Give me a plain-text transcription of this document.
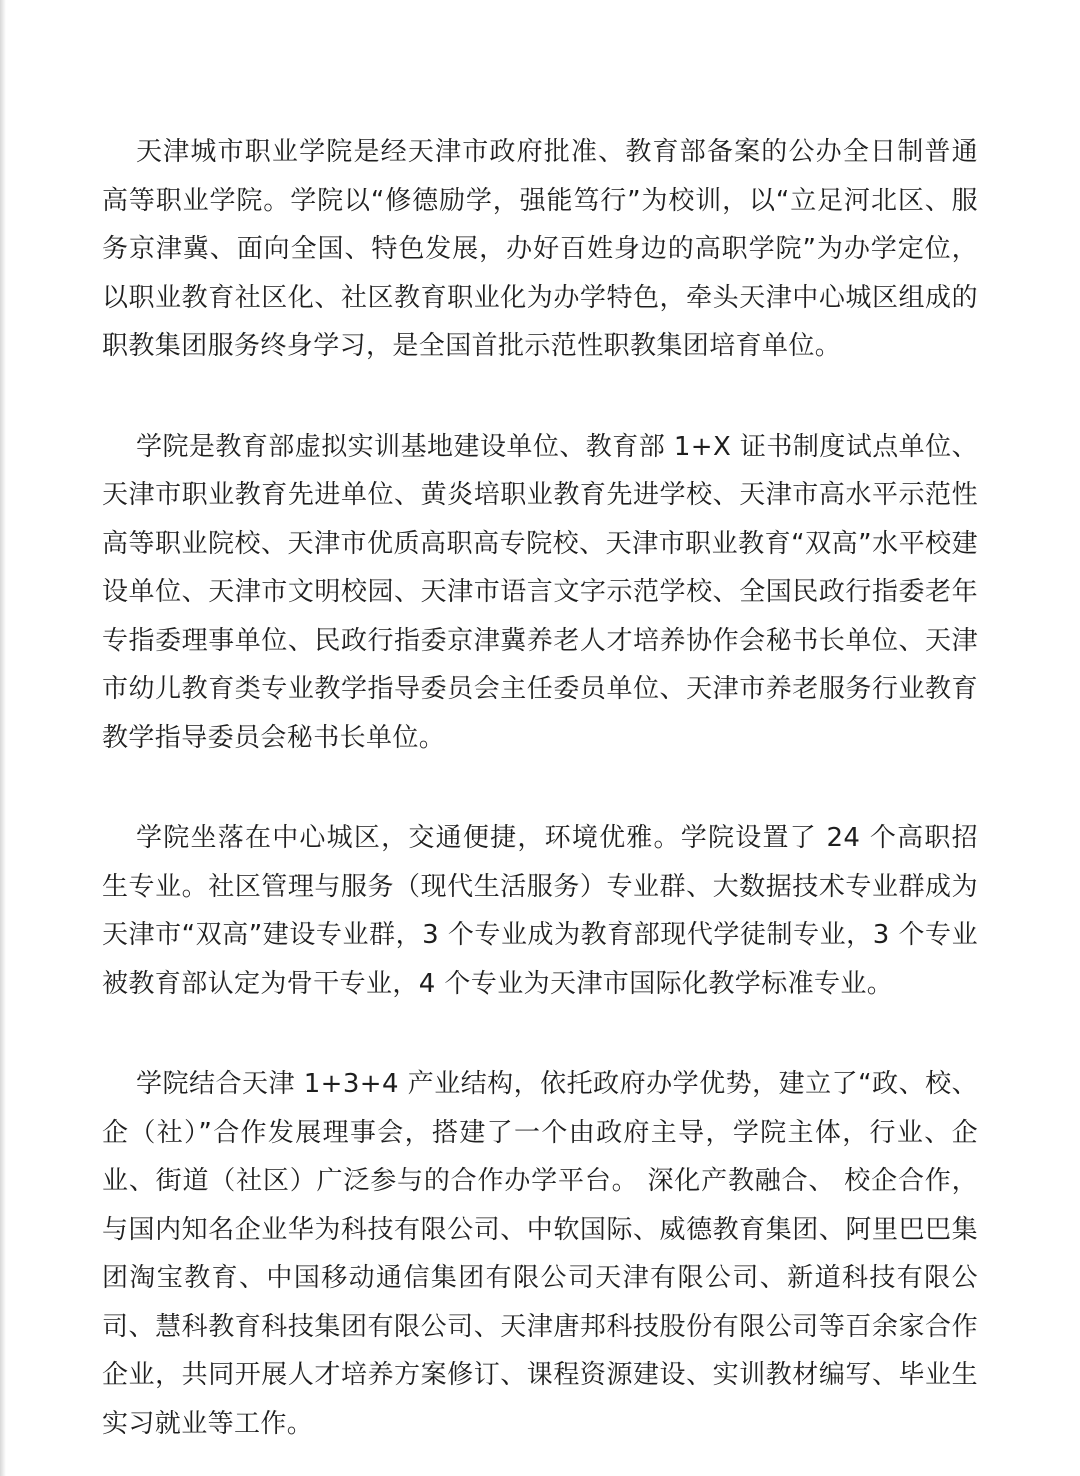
天津城市职业学院是经天津市政府批准、教育部备案的公办全日制普通高等职业学院。学院以“修德励学，强能笃行”为校训，以“立足河北区、服务京津冀、面向全国、特色发展，办好百姓身边的高职学院”为办学定位，以职业教育社区化、社区教育职业化为办学特色，牵头天津中心城区组成的职教集团服务终身学习，是全国首批示范性职教集团培育单位。

学院是教育部虚拟实训基地建设单位、教育部 1+X 证书制度试点单位、天津市职业教育先进单位、黄炎培职业教育先进学校、天津市高水平示范性高等职业院校、天津市优质高职高专院校、天津市职业教育“双高”水平校建设单位、天津市文明校园、天津市语言文字示范学校、全国民政行指委老年专指委理事单位、民政行指委京津冀养老人才培养协作会秘书长单位、天津市幼儿教育类专业教学指导委员会主任委员单位、天津市养老服务行业教育教学指导委员会秘书长单位。

学院坐落在中心城区，交通便捷，环境优雅。学院设置了 24 个高职招生专业。社区管理与服务（现代生活服务）专业群、大数据技术专业群成为天津市“双高”建设专业群，3 个专业成为教育部现代学徒制专业，3 个专业被教育部认定为骨干专业，4 个专业为天津市国际化教学标准专业。

学院结合天津 1+3+4 产业结构，依托政府办学优势，建立了“政、校、企（社）”合作发展理事会，搭建了一个由政府主导，学院主体，行业、企业、街道（社区）广泛参与的合作办学平台。 深化产教融合、 校企合作，与国内知名企业华为科技有限公司、中软国际、威德教育集团、阿里巴巴集团淘宝教育、中国移动通信集团有限公司天津有限公司、新道科技有限公司、慧科教育科技集团有限公司、天津唐邦科技股份有限公司等百余家合作企业，共同开展人才培养方案修订、课程资源建设、实训教材编写、毕业生实习就业等工作。
